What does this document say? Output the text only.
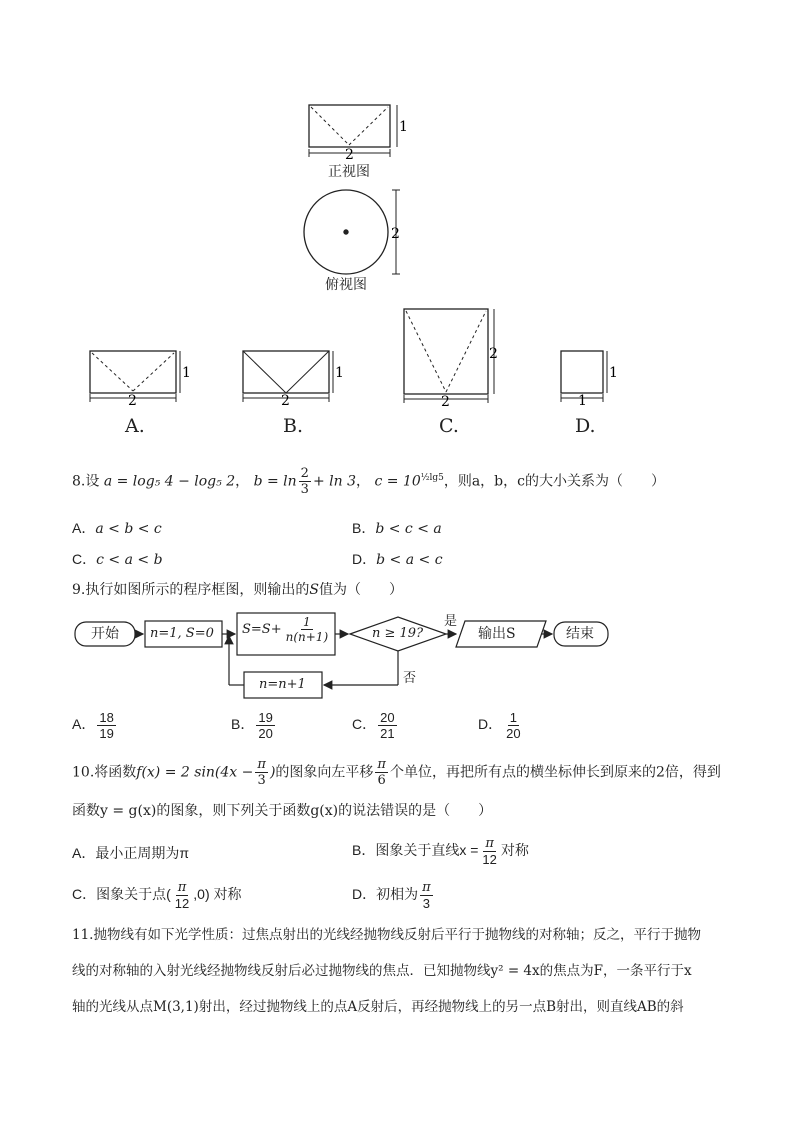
2
1
2
2
1
2
1
2
2
1
1
正视图
俯视图
A.	B.	C.	D.
8.设 a = log₅ 4 − log₅ 2， $b = \ln \frac{2}{3} + \ln 3$， $c = 10^{\frac{1}{2}lg5}$，则a，b，c的大小关系为（　　）
A．a < b < c	B．b < c < a
C．c < a < b	D．b < a < c
9.执行如图所示的程序框图，则输出的S值为（　　）
开始 n=1, S=0 $S=S+ \frac{1}{n(n+1)}$	n ≥ 19?
是
否
输出S	结束
n=n+1
A． $\frac{18}{19}$	B． $\frac{19}{20}$	C． $\frac{20}{21}$	D． $\frac{1}{20}$
10.将函数f(x) = 2 $\sin(4x - \frac{\pi}{3}$ )的图象向左平移 $\frac{\pi}{6}$ 个单位，再把所有点的横坐标伸长到原来的2倍，得到
函数y = g(x)的图象，则下列关于函数g(x)的说法错误的是（　　）
A．最小正周期为π	B．图象关于直线$x = \frac{\pi}{12}$ 对称
C．图象关于点( $\frac{\pi}{12} ,0$) 对称	D．初相为 $\frac{\pi}{3}$
11.抛物线有如下光学性质：过焦点射出的光线经抛物线反射后平行于抛物线的对称轴；反之，平行于抛物
线的对称轴的入射光线经抛物线反射后必过抛物线的焦点．已知抛物线y² = 4x的焦点为F，一条平行于x
轴的光线从点M(3,1)射出，经过抛物线上的点A反射后，再经抛物线上的另一点B射出，则直线AB的斜
